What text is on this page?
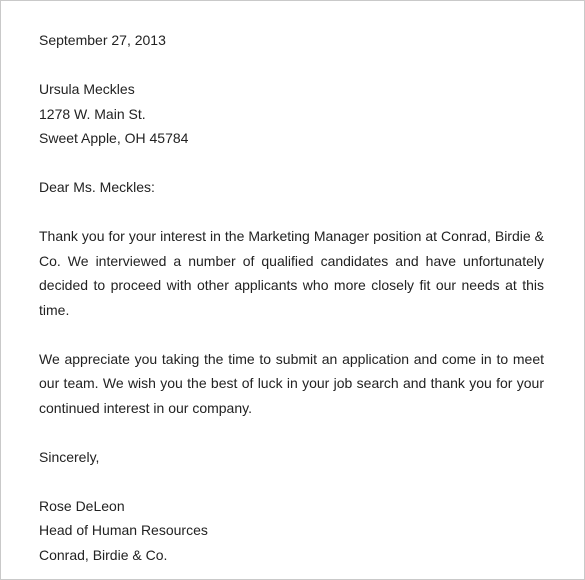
September 27, 2013

Ursula Meckles
1278 W. Main St.
Sweet Apple, OH 45784

Dear Ms. Meckles:

Thank you for your interest in the Marketing Manager position at Conrad, Birdie & Co. We interviewed a number of qualified candidates and have unfortunately decided to proceed with other applicants who more closely fit our needs at this time.

We appreciate you taking the time to submit an application and come in to meet our team. We wish you the best of luck in your job search and thank you for your continued interest in our company.

Sincerely,

Rose DeLeon
Head of Human Resources
Conrad, Birdie & Co.
